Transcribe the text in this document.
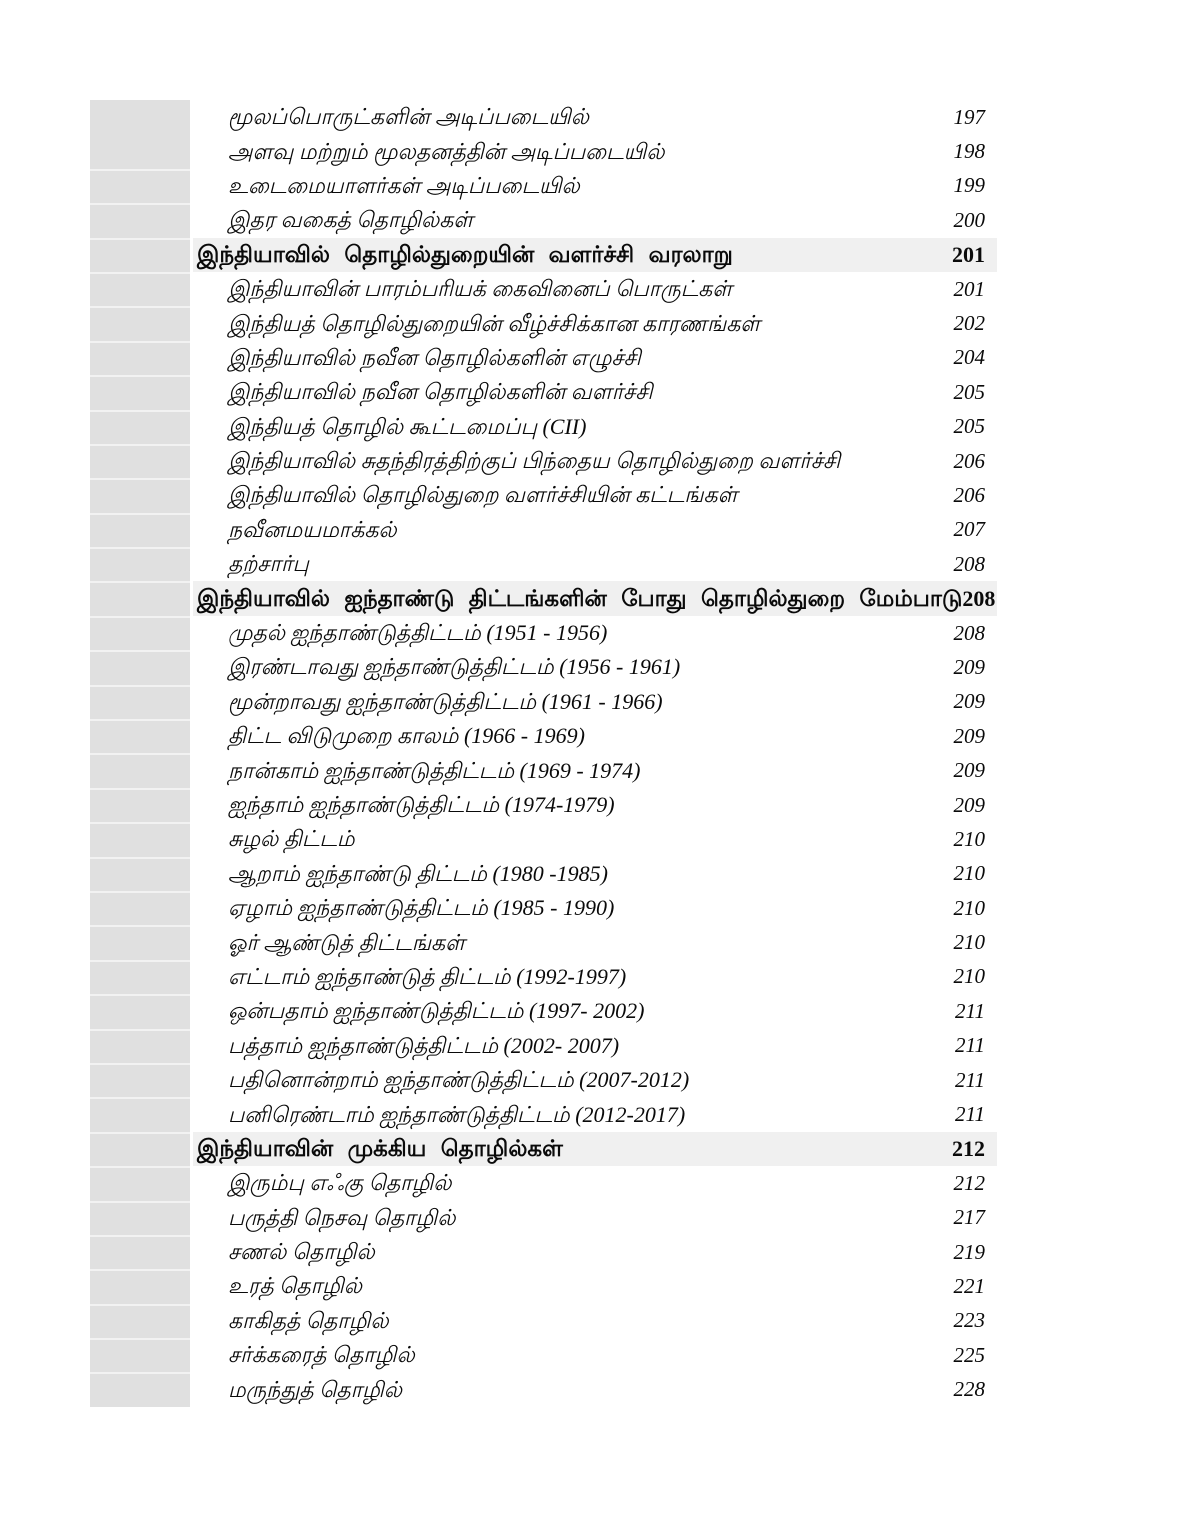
மூலப்பொருட்களின் அடிப்படையில்	197
அளவு மற்றும் மூலதனத்தின் அடிப்படையில்	198
உடைமையாளர்கள் அடிப்படையில்	199
இதர வகைத் தொழில்கள்	200
இந்தியாவில் தொழில்துறையின் வளர்ச்சி வரலாறு	201
இந்தியாவின் பாரம்பரியக் கைவினைப் பொருட்கள்	201
இந்தியத் தொழில்துறையின் வீழ்ச்சிக்கான காரணங்கள்	202
இந்தியாவில் நவீன தொழில்களின் எழுச்சி	204
இந்தியாவில் நவீன தொழில்களின் வளர்ச்சி	205
இந்தியத் தொழில் கூட்டமைப்பு (CII)	205
இந்தியாவில் சுதந்திரத்திற்குப் பிந்தைய தொழில்துறை வளர்ச்சி	206
இந்தியாவில் தொழில்துறை வளர்ச்சியின் கட்டங்கள்	206
நவீனமயமாக்கல்	207
தற்சார்பு	208
இந்தியாவில் ஐந்தாண்டு திட்டங்களின் போது தொழில்துறை மேம்பாடு 208
முதல் ஐந்தாண்டுத்திட்டம் (1951 - 1956)	208
இரண்டாவது ஐந்தாண்டுத்திட்டம் (1956 - 1961)	209
மூன்றாவது ஐந்தாண்டுத்திட்டம் (1961 - 1966)	209
திட்ட விடுமுறை காலம் (1966 - 1969)	209
நான்காம் ஐந்தாண்டுத்திட்டம் (1969 - 1974)	209
ஐந்தாம் ஐந்தாண்டுத்திட்டம் (1974-1979)	209
சுழல் திட்டம்	210
ஆறாம் ஐந்தாண்டு திட்டம் (1980 -1985)	210
ஏழாம் ஐந்தாண்டுத்திட்டம் (1985 - 1990)	210
ஓர் ஆண்டுத் திட்டங்கள்	210
எட்டாம் ஐந்தாண்டுத் திட்டம் (1992-1997)	210
ஒன்பதாம் ஐந்தாண்டுத்திட்டம் (1997- 2002)	211
பத்தாம் ஐந்தாண்டுத்திட்டம் (2002- 2007)	211
பதினொன்றாம் ஐந்தாண்டுத்திட்டம் (2007-2012)	211
பனிரெண்டாம் ஐந்தாண்டுத்திட்டம் (2012-2017)	211
இந்தியாவின் முக்கிய தொழில்கள்	212
இரும்பு எஃகு தொழில்	212
பருத்தி நெசவு தொழில்	217
சணல் தொழில்	219
உரத் தொழில்	221
காகிதத் தொழில்	223
சர்க்கரைத் தொழில்	225
மருந்துத் தொழில்	228
